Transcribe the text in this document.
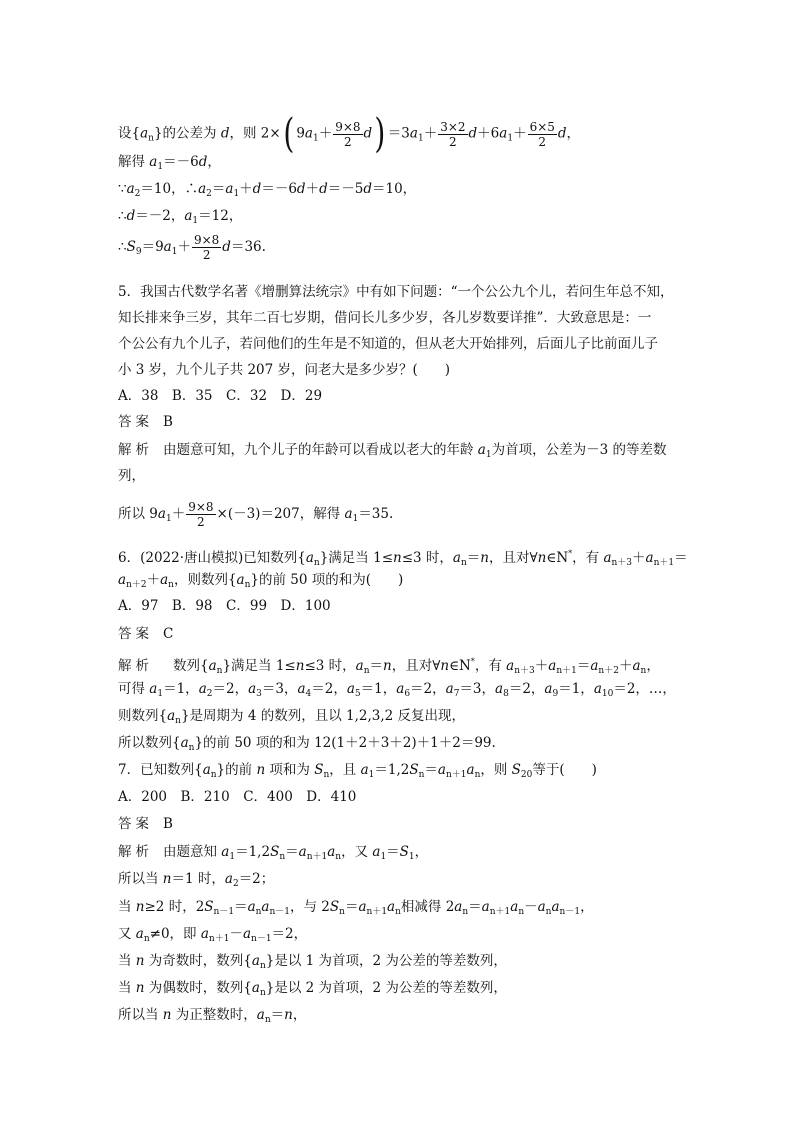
设$\{a_n\}$的公差为 d，则 2×( $9a_1+ \frac{9\times 8}{2} d) =3a_1+ \frac{3\times 2}{2} d+6a_1+ \frac{6\times 5}{2}$ d，
解得 $a_1=-6d$，
$\because a_2=10$，$\therefore a_2=a_1+d=-6d+d=-5d=10$，
∴d＝－2，$a_1=12$，
$\therefore S_9=9a_1+ \frac{9\times 8}{2} d=36$.
5．我国古代数学名著《增删算法统宗》中有如下问题：“一个公公九个儿，若问生年总不知，
知长排来争三岁，其年二百七岁期，借问长儿多少岁，各儿岁数要详推”．大致意思是：一
个公公有九个儿子，若问他们的生年是不知道的，但从老大开始排列，后面儿子比前面儿子
小 3 岁，九个儿子共 207 岁，问老大是多少岁？(　　)
A．38　B．35　C．32　D．29
答案 B
解析 由题意可知，九个儿子的年龄可以看成以老大的年龄 $a_1$为首项，公差为－3 的等差数
列，
所以 $9a_1+ \frac{9\times 8}{2} \times(-3)=207$，解得 $a_1=35$.
6．(2022·唐山模拟)已知数列$\{a_n\}$满足当 1≤n≤3 时，$a_n=n$，且对∀n∈N*，有 $a_{n+3}+a_{n+1}=$
$a_{n+2}+a_n$，则数列$\{a_n\}$的前 50 项的和为(　　)
A．97　B．98　C．99　D．100
答案 C
解析 数列$\{a_n\}$满足当 1≤n≤3 时，$a_n=n$，且对∀n∈N*，有 $a_{n+3}+a_{n+1}=a_{n+2}+a_n$，
可得 $a_1=1$，$a_2=2$，$a_3=3$，$a_4=2$，$a_5=1$，$a_6=2$，$a_7=3$，$a_8=2$，$a_9=1$，$a_{10}=2$，…，
则数列$\{a_n\}$是周期为 4 的数列，且以 1,2,3,2 反复出现，
所以数列$\{a_n\}$的前 50 项的和为 12(1＋2＋3＋2)＋1＋2＝99.
7．已知数列$\{a_n\}$的前 n 项和为 $S_n$，且 $a_1=1,2S_n=a_{n+1}a_n$，则 $S_{20}$等于(　　)
A．200　B．210　C．400　D．410
答案 B
解析 由题意知 $a_1=1,2S_n=a_{n+1}a_n$，又 $a_1=S_1$，
所以当 n＝1 时，$a_2=2$；
当 n≥2 时，$2S_{n-1}=a_na_{n-1}$，与 $2S_n=a_{n+1}a_n$相减得 $2a_n=a_{n+1}a_n-a_na_{n-1}$，
又 $a_n\ne 0$，即 $a_{n+1}-a_{n-1}=2$，
当 n 为奇数时，数列$\{a_n\}$是以 1 为首项，2 为公差的等差数列，
当 n 为偶数时，数列$\{a_n\}$是以 2 为首项，2 为公差的等差数列，
所以当 n 为正整数时，$a_n=n$，
